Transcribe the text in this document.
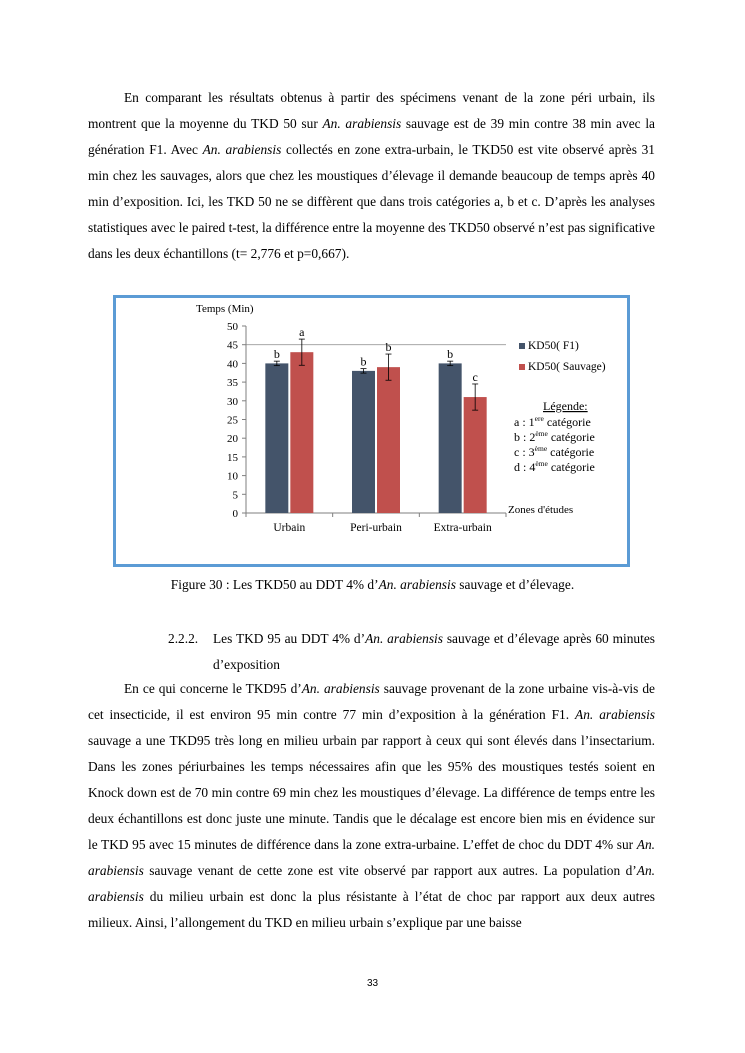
En comparant les résultats obtenus à partir des spécimens venant de la zone péri urbain, ils montrent que la moyenne du TKD 50 sur An. arabiensis sauvage est de 39 min contre 38 min avec la génération F1. Avec An. arabiensis collectés en zone extra-urbain, le TKD50 est vite observé après 31 min chez les sauvages, alors que chez les moustiques d’élevage il demande beaucoup de temps après 40 min d’exposition. Ici, les TKD 50 ne se diffèrent que dans trois catégories a, b et c. D’après les analyses statistiques avec le paired t-test, la différence entre la moyenne des TKD50 observé n’est pas significative dans les deux échantillons (t= 2,776 et p=0,667).

Temps (Min)
0
5
10
15
20
25
30
35
40
45
50
Urbain
b
a
Peri-urbain
b
b
Extra-urbain
b
c
KD50( F1)
KD50( Sauvage)
Légende:
a : 1ere catégorie
b : 2ème catégorie
c : 3ème catégorie
d : 4ème catégorie
Zones d'études
Figure 30 : Les TKD50 au DDT 4% d’An. arabiensis sauvage et d’élevage.
2.2.2. Les TKD 95 au DDT 4% d’An. arabiensis sauvage et d’élevage après 60 minutes d’exposition

En ce qui concerne le TKD95 d’An. arabiensis sauvage provenant de la zone urbaine vis-à-vis de cet insecticide, il est environ 95 min contre 77 min d’exposition à la génération F1. An. arabiensis sauvage a une TKD95 très long en milieu urbain par rapport à ceux qui sont élevés dans l’insectarium. Dans les zones périurbaines les temps nécessaires afin que les 95% des moustiques testés soient en Knock down est de 70 min contre 69 min chez les moustiques d’élevage. La différence de temps entre les deux échantillons est donc juste une minute. Tandis que le décalage est encore bien mis en évidence sur le TKD 95 avec 15 minutes de différence dans la zone extra-urbaine. L’effet de choc du DDT 4% sur An. arabiensis sauvage venant de cette zone est vite observé par rapport aux autres. La population d’An. arabiensis du milieu urbain est donc la plus résistante à l’état de choc par rapport aux deux autres milieux. Ainsi, l’allongement du TKD en milieu urbain s’explique par une baisse

33
